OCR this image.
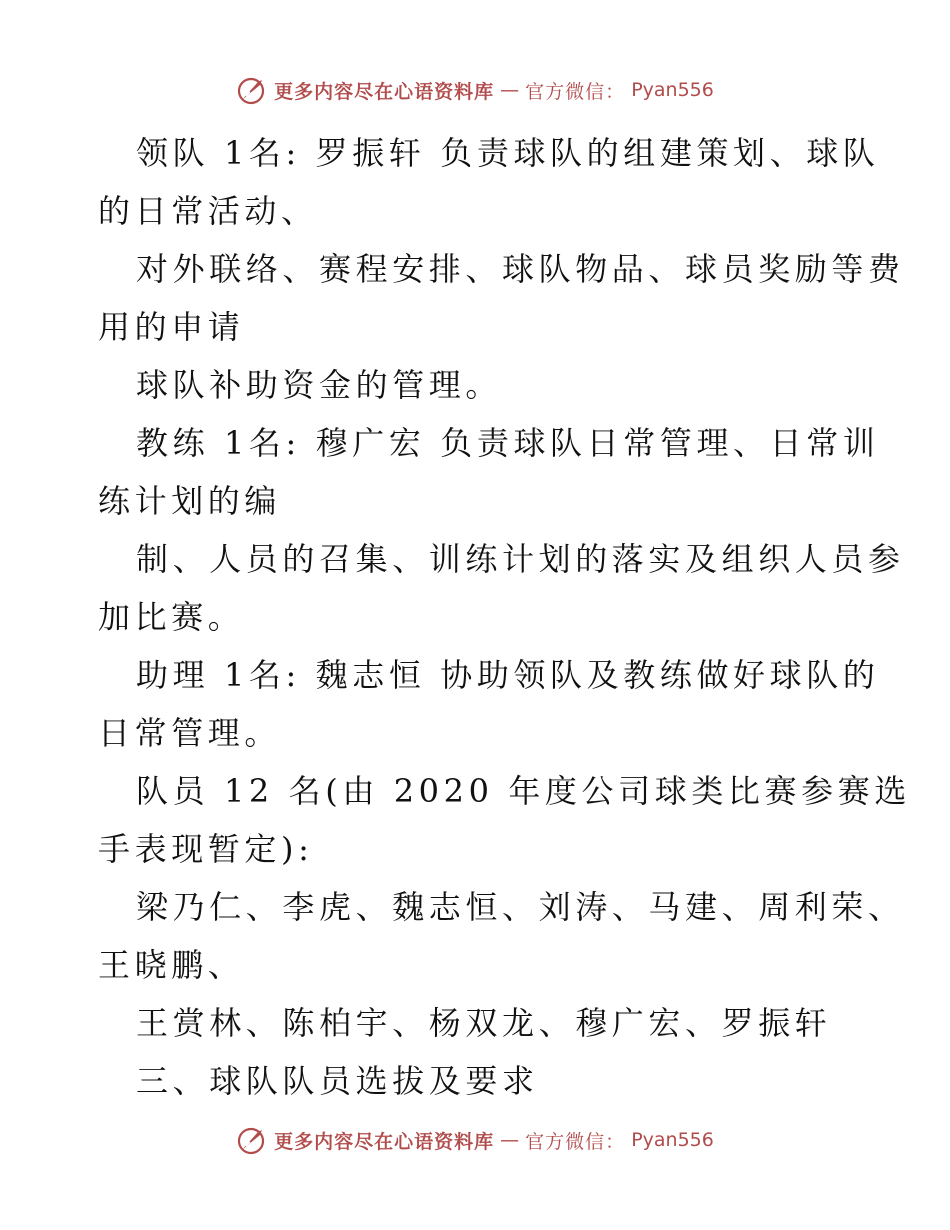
更多内容尽在心语资料库 — 官方微信： Pyan556
领队 1名: 罗振轩 负责球队的组建策划、球队
的日常活动、
对外联络、赛程安排、球队物品、球员奖励等费
用的申请
球队补助资金的管理。
教练 1名: 穆广宏 负责球队日常管理、日常训
练计划的编
制、人员的召集、训练计划的落实及组织人员参
加比赛。
助理 1名: 魏志恒 协助领队及教练做好球队的
日常管理。
队员 12 名(由 2020 年度公司球类比赛参赛选
手表现暂定):
梁乃仁、李虎、魏志恒、刘涛、马建、周利荣、
王晓鹏、
王赏林、陈柏宇、杨双龙、穆广宏、罗振轩
三、球队队员选拔及要求
更多内容尽在心语资料库 — 官方微信： Pyan556
